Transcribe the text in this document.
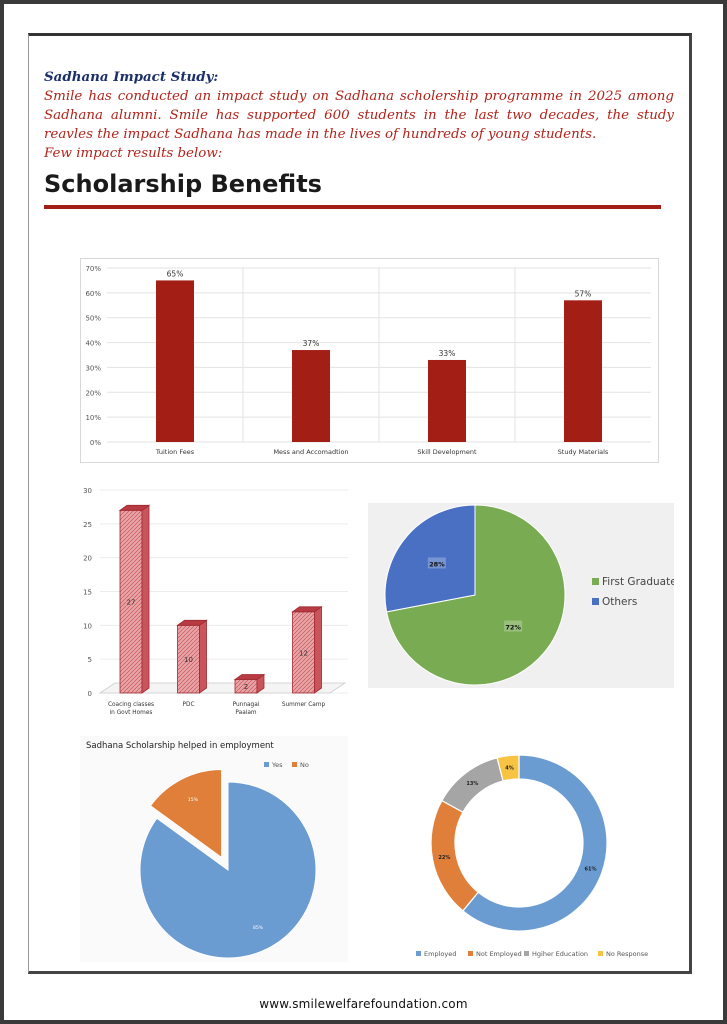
Sadhana Impact Study:
Smile has conducted an impact study on Sadhana scholership programme in 2025 among Sadhana alumni. Smile has supported 600 students in the last two decades, the study reavles the impact Sadhana has made in the lives of hundreds of young students.
Few impact results below:
Scholarship Benefits
0%
10%
20%
30%
40%
50%
60%
70%
65%
Tuition Fees
37%
Mess and Accomadtion
33%
Skill Development
57%
Study Materials
0
5
10
15
20
25
30
27
Coacing classes
in Govt Homes
10
PDC
2
Punnagai
Paalam
12
Summer Camp
72%
28%
First Graduate
Others
Sadhana Scholarship helped in employment
Yes	No
85%
15%
61%
22%
13%
4%
Employed	Not Employed Hgiher Education	No Response
www.smilewelfarefoundation.com
